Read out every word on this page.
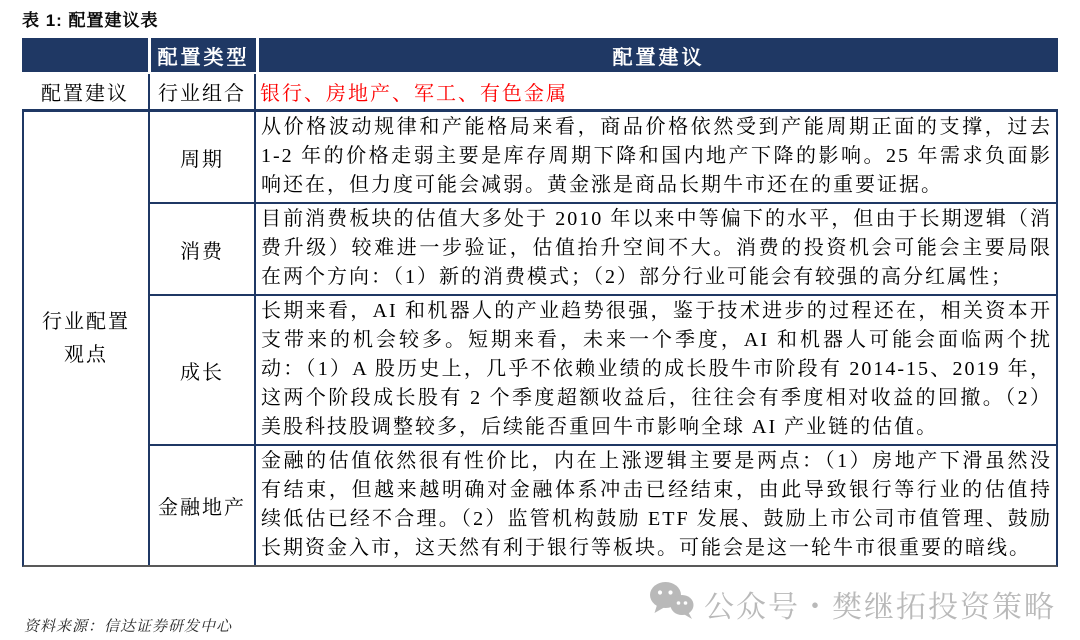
表 1: 配置建议表
配置类型	配置建议
配置建议	行业组合 银行、房地产、军工、有色金属
行业配置观点
周期
从价格波动规律和产能格局来看，商品价格依然受到产能周期正面的支撑，过去 1-2 年的价格走弱主要是库存周期下降和国内地产下降的影响。25 年需求负面影响还在，但力度可能会减弱。黄金涨是商品长期牛市还在的重要证据。
消费
目前消费板块的估值大多处于 2010 年以来中等偏下的水平，但由于长期逻辑（消费升级）较难进一步验证，估值抬升空间不大。消费的投资机会可能会主要局限在两个方向：（1）新的消费模式；（2）部分行业可能会有较强的高分红属性；
成长
长期来看，AI 和机器人的产业趋势很强，鉴于技术进步的过程还在，相关资本开支带来的机会较多。短期来看，未来一个季度，AI 和机器人可能会面临两个扰动：（1）A 股历史上，几乎不依赖业绩的成长股牛市阶段有 2014-15、2019 年，这两个阶段成长股有 2 个季度超额收益后，往往会有季度相对收益的回撤。（2）美股科技股调整较多，后续能否重回牛市影响全球 AI 产业链的估值。
金融地产
金融的估值依然很有性价比，内在上涨逻辑主要是两点：（1）房地产下滑虽然没有结束，但越来越明确对金融体系冲击已经结束，由此导致银行等行业的估值持续低估已经不合理。（2）监管机构鼓励 ETF 发展、鼓励上市公司市值管理、鼓励长期资金入市，这天然有利于银行等板块。可能会是这一轮牛市很重要的暗线。
资料来源：信达证券研发中心
公众号・樊继拓投资策略
